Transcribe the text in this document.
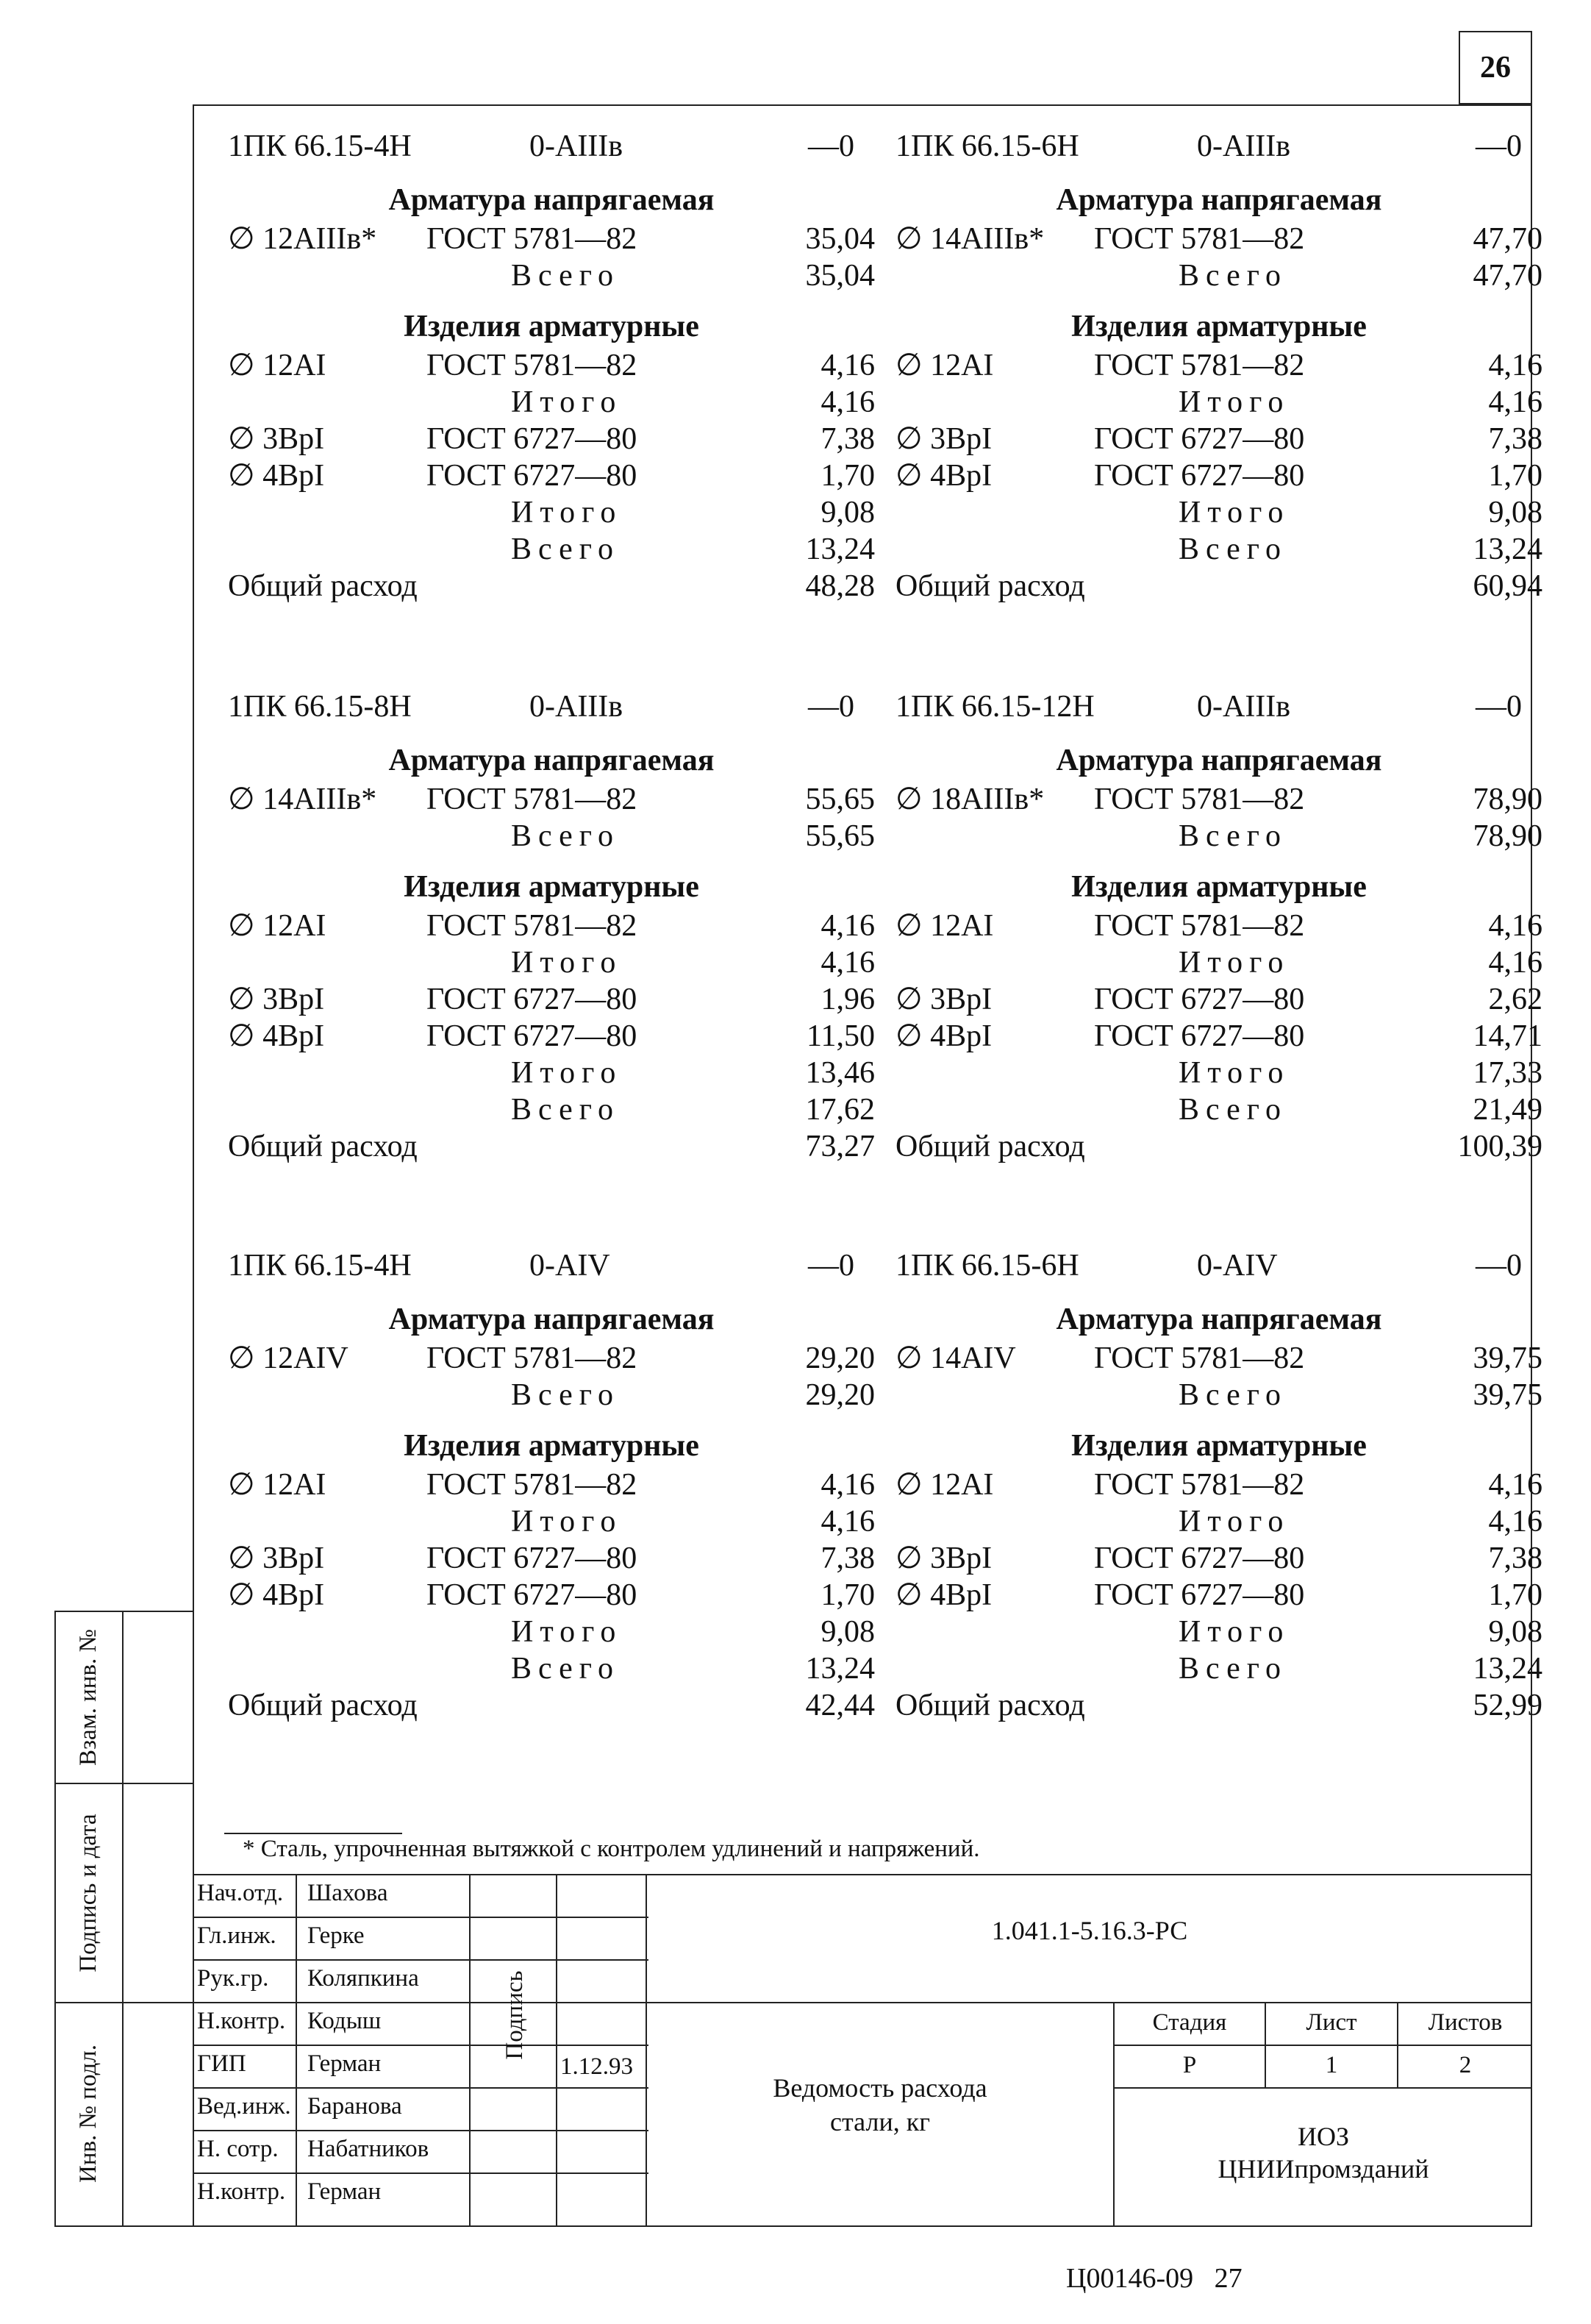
26
1ПК 66.15-4Н	0-АIIIв	—0
Арматура напрягаемая
∅ 12АIIIв* ГОСТ 5781—82	35,04
Всего	35,04
Изделия арматурные
∅ 12АI	ГОСТ 5781—82	4,16
Итого	4,16
∅ 3ВрI	ГОСТ 6727—80	7,38
∅ 4ВрI	ГОСТ 6727—80	1,70
Итого	9,08
Всего	13,24
Общий расход	48,28
1ПК 66.15-6Н	0-АIIIв	—0
Арматура напрягаемая
∅ 14АIIIв* ГОСТ 5781—82	47,70
Всего	47,70
Изделия арматурные
∅ 12АI	ГОСТ 5781—82	4,16
Итого	4,16
∅ 3ВрI	ГОСТ 6727—80	7,38
∅ 4ВрI	ГОСТ 6727—80	1,70
Итого	9,08
Всего	13,24
Общий расход	60,94
1ПК 66.15-8Н	0-АIIIв	—0
Арматура напрягаемая
∅ 14АIIIв* ГОСТ 5781—82	55,65
Всего	55,65
Изделия арматурные
∅ 12АI	ГОСТ 5781—82	4,16
Итого	4,16
∅ 3ВрI	ГОСТ 6727—80	1,96
∅ 4ВрI	ГОСТ 6727—80	11,50
Итого	13,46
Всего	17,62
Общий расход	73,27
1ПК 66.15-12Н	0-АIIIв	—0
Арматура напрягаемая
∅ 18АIIIв* ГОСТ 5781—82	78,90
Всего	78,90
Изделия арматурные
∅ 12АI	ГОСТ 5781—82	4,16
Итого	4,16
∅ 3ВрI	ГОСТ 6727—80	2,62
∅ 4ВрI	ГОСТ 6727—80	14,71
Итого	17,33
Всего	21,49
Общий расход	100,39
1ПК 66.15-4Н	0-АIV	—0
Арматура напрягаемая
∅ 12АIV	ГОСТ 5781—82	29,20
Всего	29,20
Изделия арматурные
∅ 12АI	ГОСТ 5781—82	4,16
Итого	4,16
∅ 3ВрI	ГОСТ 6727—80	7,38
∅ 4ВрI	ГОСТ 6727—80	1,70
Итого	9,08
Всего	13,24
Общий расход	42,44
1ПК 66.15-6Н	0-АIV	—0
Арматура напрягаемая
∅ 14АIV	ГОСТ 5781—82	39,75
Всего	39,75
Изделия арматурные
∅ 12АI	ГОСТ 5781—82	4,16
Итого	4,16
∅ 3ВрI	ГОСТ 6727—80	7,38
∅ 4ВрI	ГОСТ 6727—80	1,70
Итого	9,08
Всего	13,24
Общий расход	52,99
* Сталь, упрочненная вытяжкой с контролем удлинений и напряжений.
Нач.отд. Шахова
Гл.инж. Герке
Рук.гр. Коляпкина
Н.контр. Кодыш
ГИП	Герман
Вед.инж. Баранова
Н. сотр. Набатников
Н.контр. Герман
Подпись
1.12.93
1.041.1-5.16.3-РС
Ведомость расхода
стали, кг
Стадия	Лист	Листов
Р	1	2
ИОЗ
ЦНИИпромзданий
Взам. инв. №
Подпись и дата
Инв. № подл.
Ц00146-09   27
